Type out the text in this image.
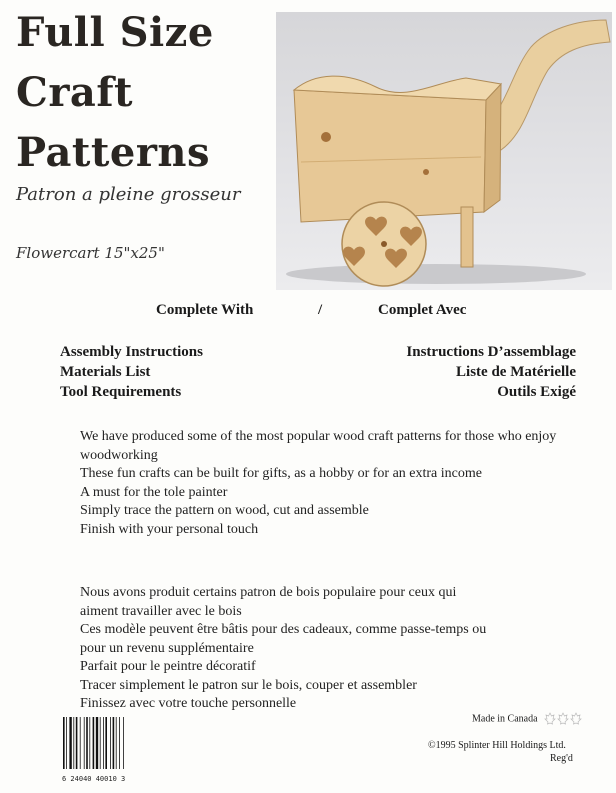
Full Size
Craft
Patterns
Patron a pleine grosseur
Flowercart 15"x25"
Complete With	/	Complet Avec
Assembly Instructions
Materials List
Tool Requirements
Instructions D’assemblage
Liste de Matérielle
Outils Exigé
We have produced some of the most popular wood craft patterns for those who enjoy
woodworking
These fun crafts can be built for gifts, as a hobby or for an extra income
A must for the tole painter
Simply trace the pattern on wood, cut and assemble
Finish with your personal touch
Nous avons produit certains patron de bois populaire pour ceux qui
aiment travailler avec le bois
Ces modèle peuvent être bâtis pour des cadeaux, comme passe-temps ou
pour un revenu supplémentaire
Parfait pour le peintre décoratif
Tracer simplement le patron sur le bois, couper et assembler
Finissez avec votre touche personnelle
6 24040 40010 3
Made in Canada
©1995 Splinter Hill Holdings Ltd.
Reg'd
